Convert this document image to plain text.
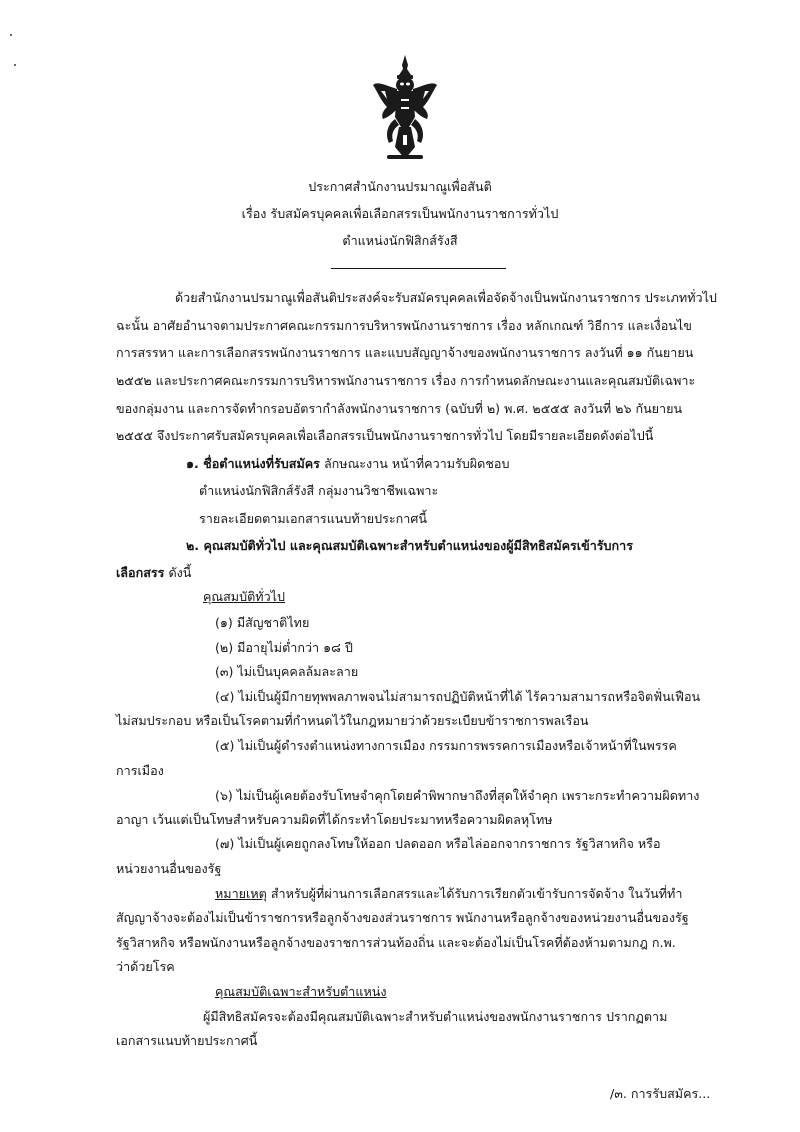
ประกาศสำนักงานปรมาณูเพื่อสันติ

เรื่อง รับสมัครบุคคลเพื่อเลือกสรรเป็นพนักงานราชการทั่วไป

ตำแหน่งนักฟิสิกส์รังสี

ด้วยสำนักงานปรมาณูเพื่อสันติประสงค์จะรับสมัครบุคคลเพื่อจัดจ้างเป็นพนักงานราชการ ประเภททั่วไป

ฉะนั้น อาศัยอำนาจตามประกาศคณะกรรมการบริหารพนักงานราชการ เรื่อง หลักเกณฑ์ วิธีการ และเงื่อนไข

การสรรหา และการเลือกสรรพนักงานราชการ และแบบสัญญาจ้างของพนักงานราชการ ลงวันที่ ๑๑ กันยายน

๒๕๕๒ และประกาศคณะกรรมการบริหารพนักงานราชการ เรื่อง การกำหนดลักษณะงานและคุณสมบัติเฉพาะ

ของกลุ่มงาน และการจัดทำกรอบอัตรากำลังพนักงานราชการ (ฉบับที่ ๒) พ.ศ. ๒๕๕๕ ลงวันที่ ๒๖ กันยายน

๒๕๕๕ จึงประกาศรับสมัครบุคคลเพื่อเลือกสรรเป็นพนักงานราชการทั่วไป โดยมีรายละเอียดดังต่อไปนี้

๑. ชื่อตำแหน่งที่รับสมัคร ลักษณะงาน หน้าที่ความรับผิดชอบ

ตำแหน่งนักฟิสิกส์รังสี กลุ่มงานวิชาชีพเฉพาะ

รายละเอียดตามเอกสารแนบท้ายประกาศนี้

๒. คุณสมบัติทั่วไป และคุณสมบัติเฉพาะสำหรับตำแหน่งของผู้มีสิทธิสมัครเข้ารับการ

เลือกสรร ดังนี้

คุณสมบัติทั่วไป

(๑) มีสัญชาติไทย

(๒) มีอายุไม่ต่ำกว่า ๑๘ ปี

(๓) ไม่เป็นบุคคลล้มละลาย

(๔) ไม่เป็นผู้มีกายทุพพลภาพจนไม่สามารถปฏิบัติหน้าที่ได้ ไร้ความสามารถหรือจิตฟั่นเฟือน

ไม่สมประกอบ หรือเป็นโรคตามที่กำหนดไว้ในกฎหมายว่าด้วยระเบียบข้าราชการพลเรือน

(๕) ไม่เป็นผู้ดำรงตำแหน่งทางการเมือง กรรมการพรรคการเมืองหรือเจ้าหน้าที่ในพรรค

การเมือง

(๖) ไม่เป็นผู้เคยต้องรับโทษจำคุกโดยคำพิพากษาถึงที่สุดให้จำคุก เพราะกระทำความผิดทาง

อาญา เว้นแต่เป็นโทษสำหรับความผิดที่ได้กระทำโดยประมาทหรือความผิดลหุโทษ

(๗) ไม่เป็นผู้เคยถูกลงโทษให้ออก ปลดออก หรือไล่ออกจากราชการ รัฐวิสาหกิจ หรือ

หน่วยงานอื่นของรัฐ

หมายเหตุ สำหรับผู้ที่ผ่านการเลือกสรรและได้รับการเรียกตัวเข้ารับการจัดจ้าง ในวันที่ทำ

สัญญาจ้างจะต้องไม่เป็นข้าราชการหรือลูกจ้างของส่วนราชการ พนักงานหรือลูกจ้างของหน่วยงานอื่นของรัฐ

รัฐวิสาหกิจ หรือพนักงานหรือลูกจ้างของราชการส่วนท้องถิ่น และจะต้องไม่เป็นโรคที่ต้องห้ามตามกฎ ก.พ.

ว่าด้วยโรค

คุณสมบัติเฉพาะสำหรับตำแหน่ง

ผู้มีสิทธิสมัครจะต้องมีคุณสมบัติเฉพาะสำหรับตำแหน่งของพนักงานราชการ ปรากฏตาม

เอกสารแนบท้ายประกาศนี้

/๓. การรับสมัคร...
